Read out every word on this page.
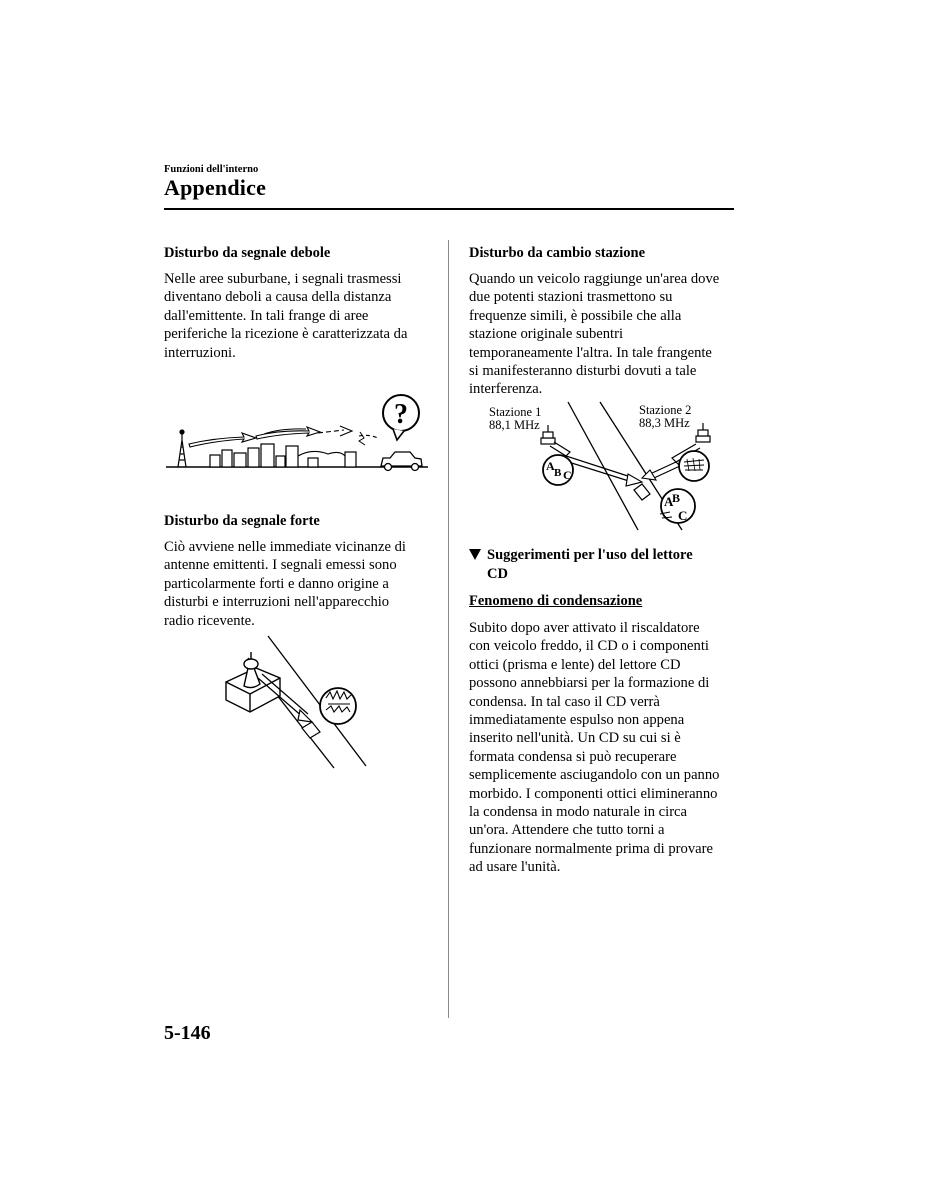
Funzioni dell'interno
Appendice
Disturbo da segnale debole
Nelle aree suburbane, i segnali trasmessi
diventano deboli a causa della distanza
dall'emittente. In tali frange di aree
periferiche la ricezione è caratterizzata da
interruzioni.
?
Disturbo da segnale forte
Ciò avviene nelle immediate vicinanze di
antenne emittenti. I segnali emessi sono
particolarmente forti e danno origine a
disturbi e interruzioni nell'apparecchio
radio ricevente.
Disturbo da cambio stazione
Quando un veicolo raggiunge un'area dove
due potenti stazioni trasmettono su
frequenze simili, è possibile che alla
stazione originale subentri
temporaneamente l'altra. In tale frangente
si manifesteranno disturbi dovuti a tale
interferenza.
Stazione 1
88,1 MHz
Stazione 2
88,3 MHz
A B C
A
B
C
Suggerimenti per l'uso del lettore
CD
Fenomeno di condensazione
Subito dopo aver attivato il riscaldatore
con veicolo freddo, il CD o i componenti
ottici (prisma e lente) del lettore CD
possono annebbiarsi per la formazione di
condensa. In tal caso il CD verrà
immediatamente espulso non appena
inserito nell'unità. Un CD su cui si è
formata condensa si può recuperare
semplicemente asciugandolo con un panno
morbido. I componenti ottici elimineranno
la condensa in modo naturale in circa
un'ora. Attendere che tutto torni a
funzionare normalmente prima di provare
ad usare l'unità.
5-146
